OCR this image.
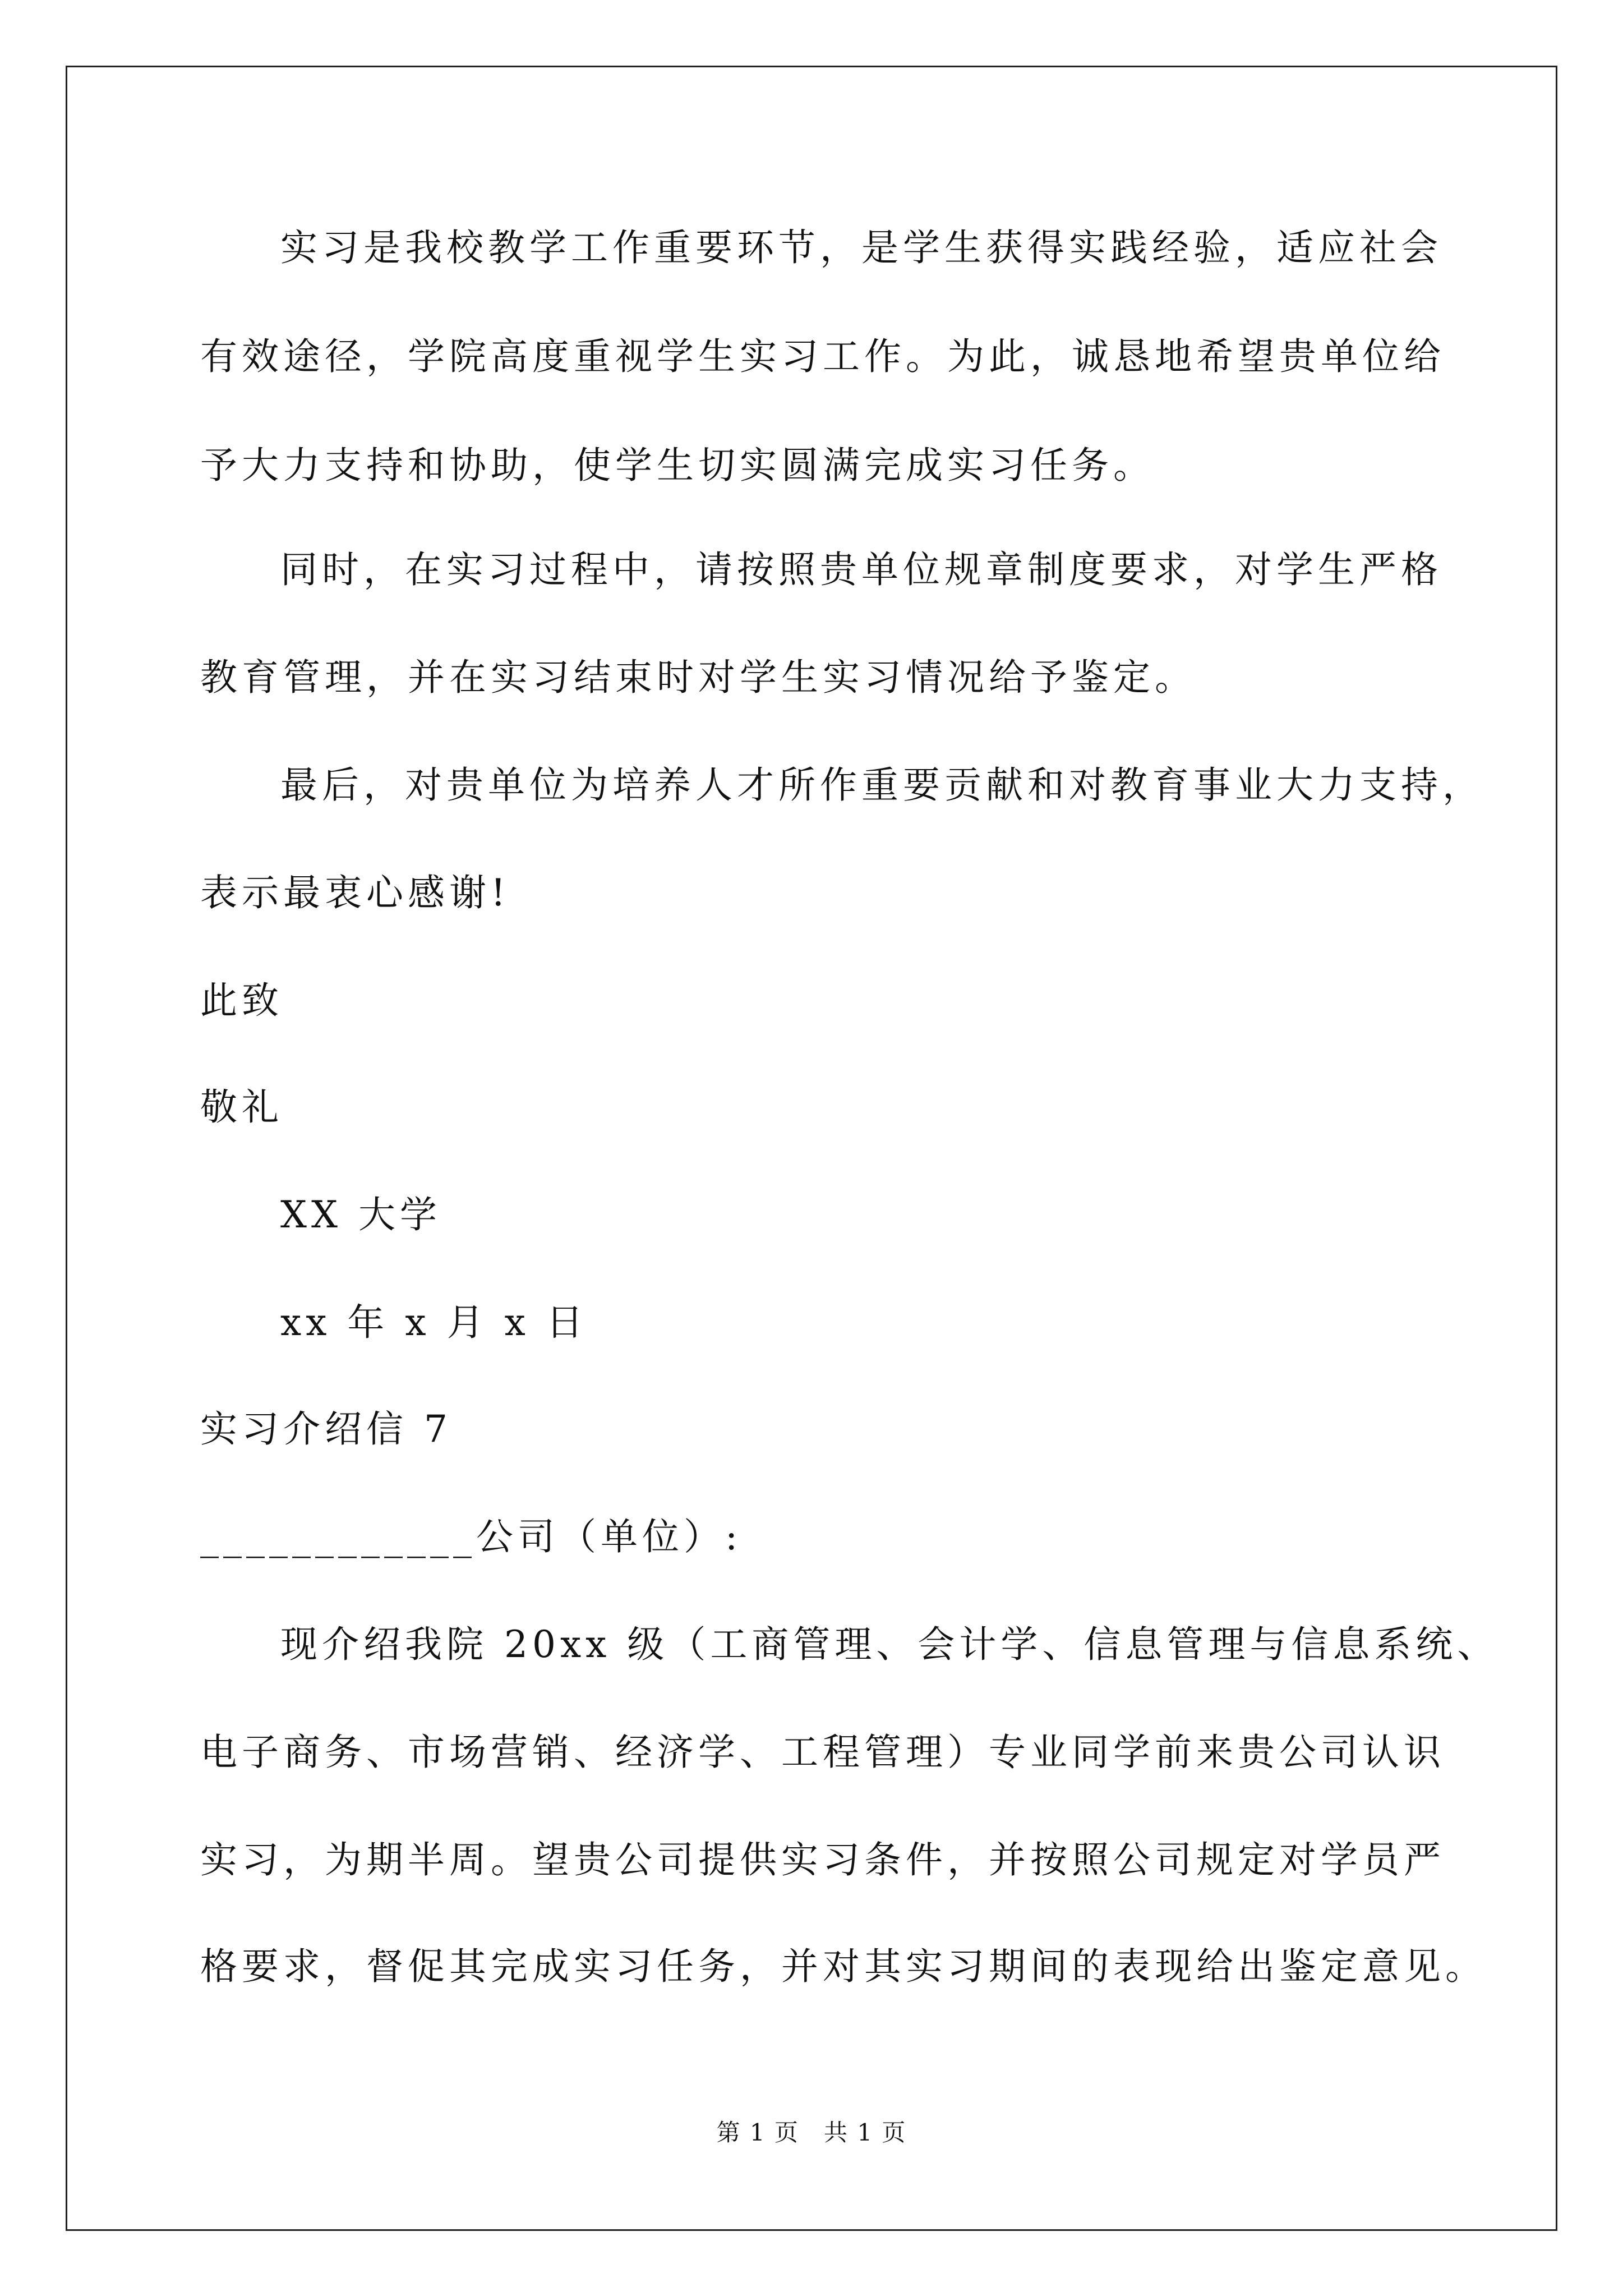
实习是我校教学工作重要环节，是学生获得实践经验，适应社会
有效途径，学院高度重视学生实习工作。为此，诚恳地希望贵单位给
予大力支持和协助，使学生切实圆满完成实习任务。
同时，在实习过程中，请按照贵单位规章制度要求，对学生严格
教育管理，并在实习结束时对学生实习情况给予鉴定。
最后，对贵单位为培养人才所作重要贡献和对教育事业大力支持，
表示最衷心感谢!
此致
敬礼
XX 大学
xx 年 x 月 x 日
实习介绍信 7
____________公司（单位）:
现介绍我院 20xx 级（工商管理、会计学、信息管理与信息系统、
电子商务、市场营销、经济学、工程管理）专业同学前来贵公司认识
实习，为期半周。望贵公司提供实习条件，并按照公司规定对学员严
格要求，督促其完成实习任务，并对其实习期间的表现给出鉴定意见。
第 1 页　共 1 页
